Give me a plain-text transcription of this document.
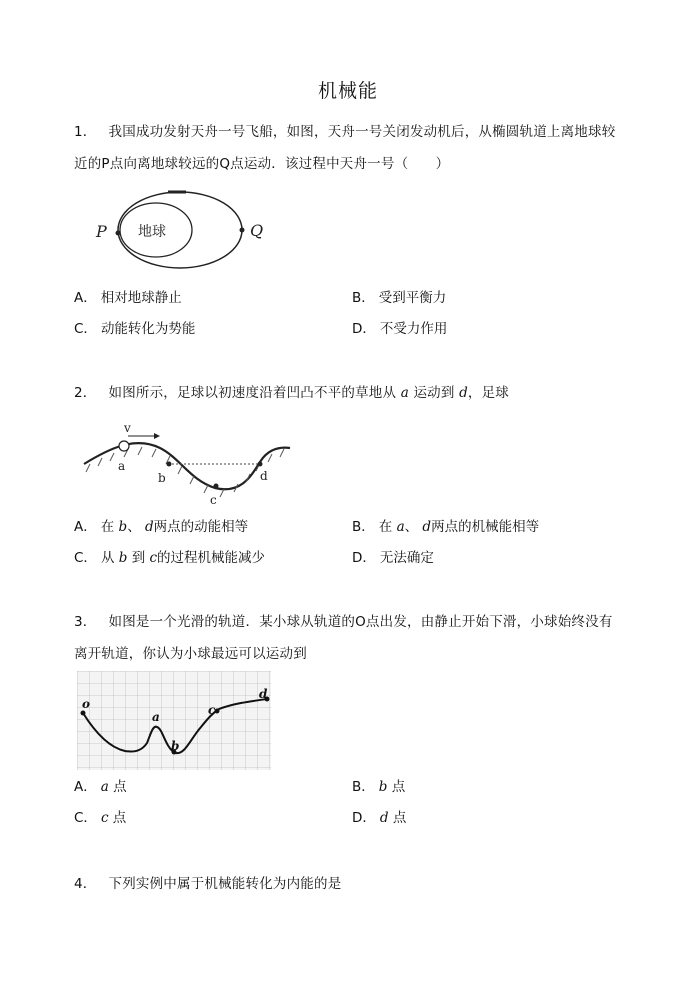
机械能
1． 我国成功发射天舟一号飞船，如图，天舟一号关闭发动机后，从椭圆轨道上离地球较
近的P点向离地球较远的Q点运动．该过程中天舟一号（　　）
地球
P	Q
A． 相对地球静止	B． 受到平衡力
C． 动能转化为势能	D． 不受力作用
2． 如图所示，足球以初速度沿着凹凸不平的草地从 a 运动到 d，足球
v
a
b
c
d
A． 在 b、 d两点的动能相等	B． 在 a、 d两点的机械能相等
C． 从 b 到 c的过程机械能减少	D． 无法确定
3． 如图是一个光滑的轨道．某小球从轨道的O点出发，由静止开始下滑，小球始终没有
离开轨道，你认为小球最远可以运动到
o
a
b
c
d
A． a 点	B． b 点
C． c 点	D． d 点
4． 下列实例中属于机械能转化为内能的是
